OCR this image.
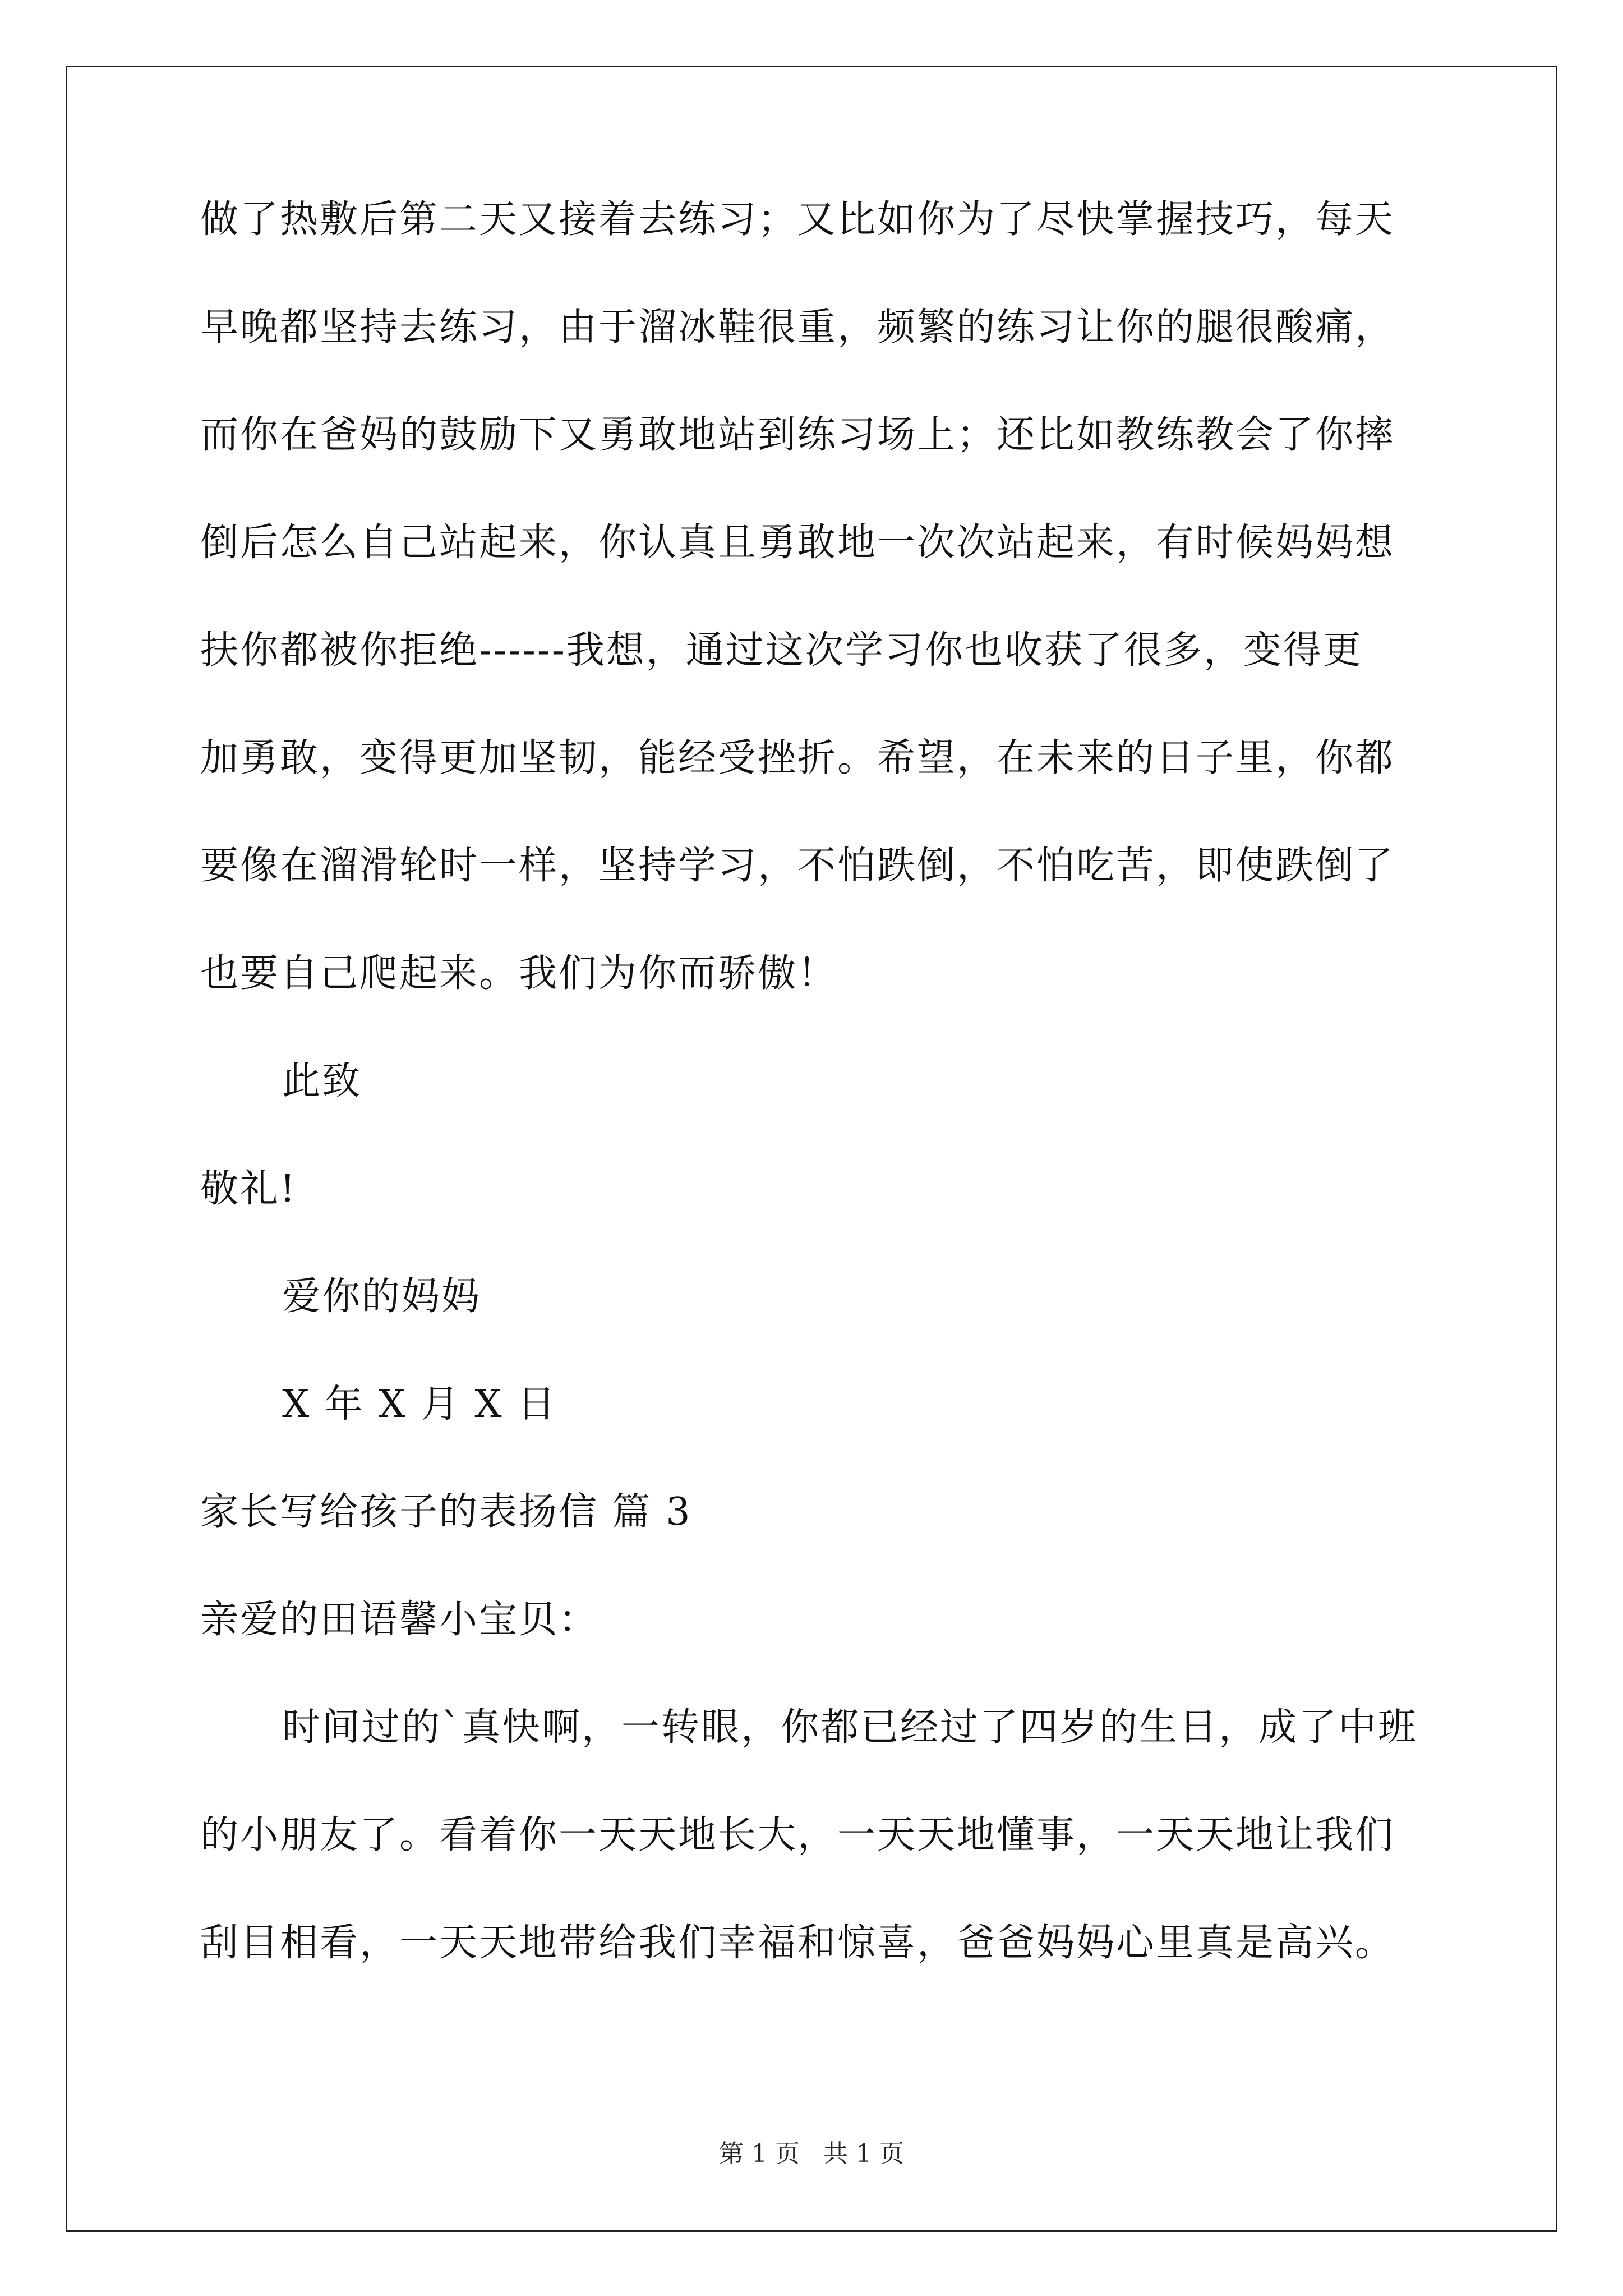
做了热敷后第二天又接着去练习；又比如你为了尽快掌握技巧，每天

早晚都坚持去练习，由于溜冰鞋很重，频繁的练习让你的腿很酸痛，

而你在爸妈的鼓励下又勇敢地站到练习场上；还比如教练教会了你摔

倒后怎么自己站起来，你认真且勇敢地一次次站起来，有时候妈妈想

扶你都被你拒绝------我想，通过这次学习你也收获了很多，变得更

加勇敢，变得更加坚韧，能经受挫折。希望，在未来的日子里，你都

要像在溜滑轮时一样，坚持学习，不怕跌倒，不怕吃苦，即使跌倒了

也要自己爬起来。我们为你而骄傲！

此致

敬礼!

爱你的妈妈

X 年 X 月 X 日

家长写给孩子的表扬信 篇 3

亲爱的田语馨小宝贝：

时间过的`真快啊，一转眼，你都已经过了四岁的生日，成了中班

的小朋友了。看着你一天天地长大，一天天地懂事，一天天地让我们

刮目相看，一天天地带给我们幸福和惊喜，爸爸妈妈心里真是高兴。

第 1 页   共 1 页
